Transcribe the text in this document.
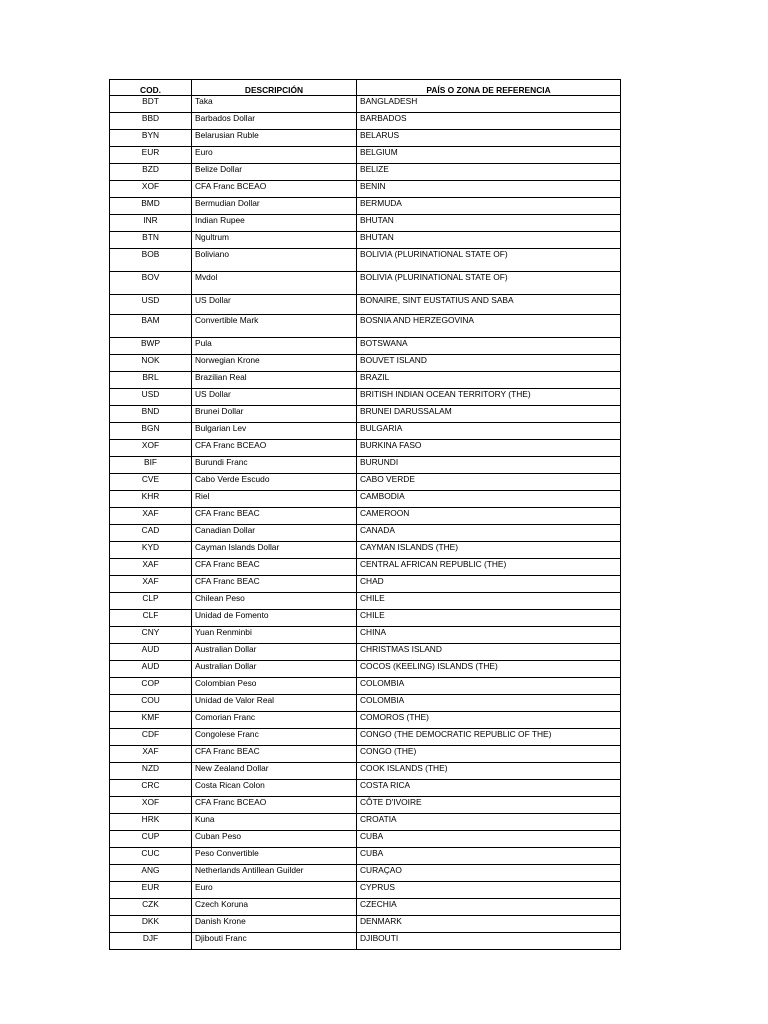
COD.	DESCRIPCIÓN	PAÍS O ZONA DE REFERENCIA
BDT	Taka	BANGLADESH
BBD	Barbados Dollar	BARBADOS
BYN	Belarusian Ruble	BELARUS
EUR	Euro	BELGIUM
BZD	Belize Dollar	BELIZE
XOF	CFA Franc BCEAO	BENIN
BMD	Bermudian Dollar	BERMUDA
INR	Indian Rupee	BHUTAN
BTN	Ngultrum	BHUTAN
BOB	Boliviano	BOLIVIA (PLURINATIONAL STATE OF)
BOV	Mvdol	BOLIVIA (PLURINATIONAL STATE OF)
USD	US Dollar	BONAIRE, SINT EUSTATIUS AND SABA
BAM	Convertible Mark	BOSNIA AND HERZEGOVINA
BWP	Pula	BOTSWANA
NOK	Norwegian Krone	BOUVET ISLAND
BRL	Brazilian Real	BRAZIL
USD	US Dollar	BRITISH INDIAN OCEAN TERRITORY (THE)
BND	Brunei Dollar	BRUNEI DARUSSALAM
BGN	Bulgarian Lev	BULGARIA
XOF	CFA Franc BCEAO	BURKINA FASO
BIF	Burundi Franc	BURUNDI
CVE	Cabo Verde Escudo	CABO VERDE
KHR	Riel	CAMBODIA
XAF	CFA Franc BEAC	CAMEROON
CAD	Canadian Dollar	CANADA
KYD	Cayman Islands Dollar	CAYMAN ISLANDS (THE)
XAF	CFA Franc BEAC	CENTRAL AFRICAN REPUBLIC (THE)
XAF	CFA Franc BEAC	CHAD
CLP	Chilean Peso	CHILE
CLF	Unidad de Fomento	CHILE
CNY	Yuan Renminbi	CHINA
AUD	Australian Dollar	CHRISTMAS ISLAND
AUD	Australian Dollar	COCOS (KEELING) ISLANDS (THE)
COP	Colombian Peso	COLOMBIA
COU	Unidad de Valor Real	COLOMBIA
KMF	Comorian Franc	COMOROS (THE)
CDF	Congolese Franc	CONGO (THE DEMOCRATIC REPUBLIC OF THE)
XAF	CFA Franc BEAC	CONGO (THE)
NZD	New Zealand Dollar	COOK ISLANDS (THE)
CRC	Costa Rican Colon	COSTA RICA
XOF	CFA Franc BCEAO	CÔTE D'IVOIRE
HRK	Kuna	CROATIA
CUP	Cuban Peso	CUBA
CUC	Peso Convertible	CUBA
ANG	Netherlands Antillean Guilder	CURAÇAO
EUR	Euro	CYPRUS
CZK	Czech Koruna	CZECHIA
DKK	Danish Krone	DENMARK
DJF	Djibouti Franc	DJIBOUTI
